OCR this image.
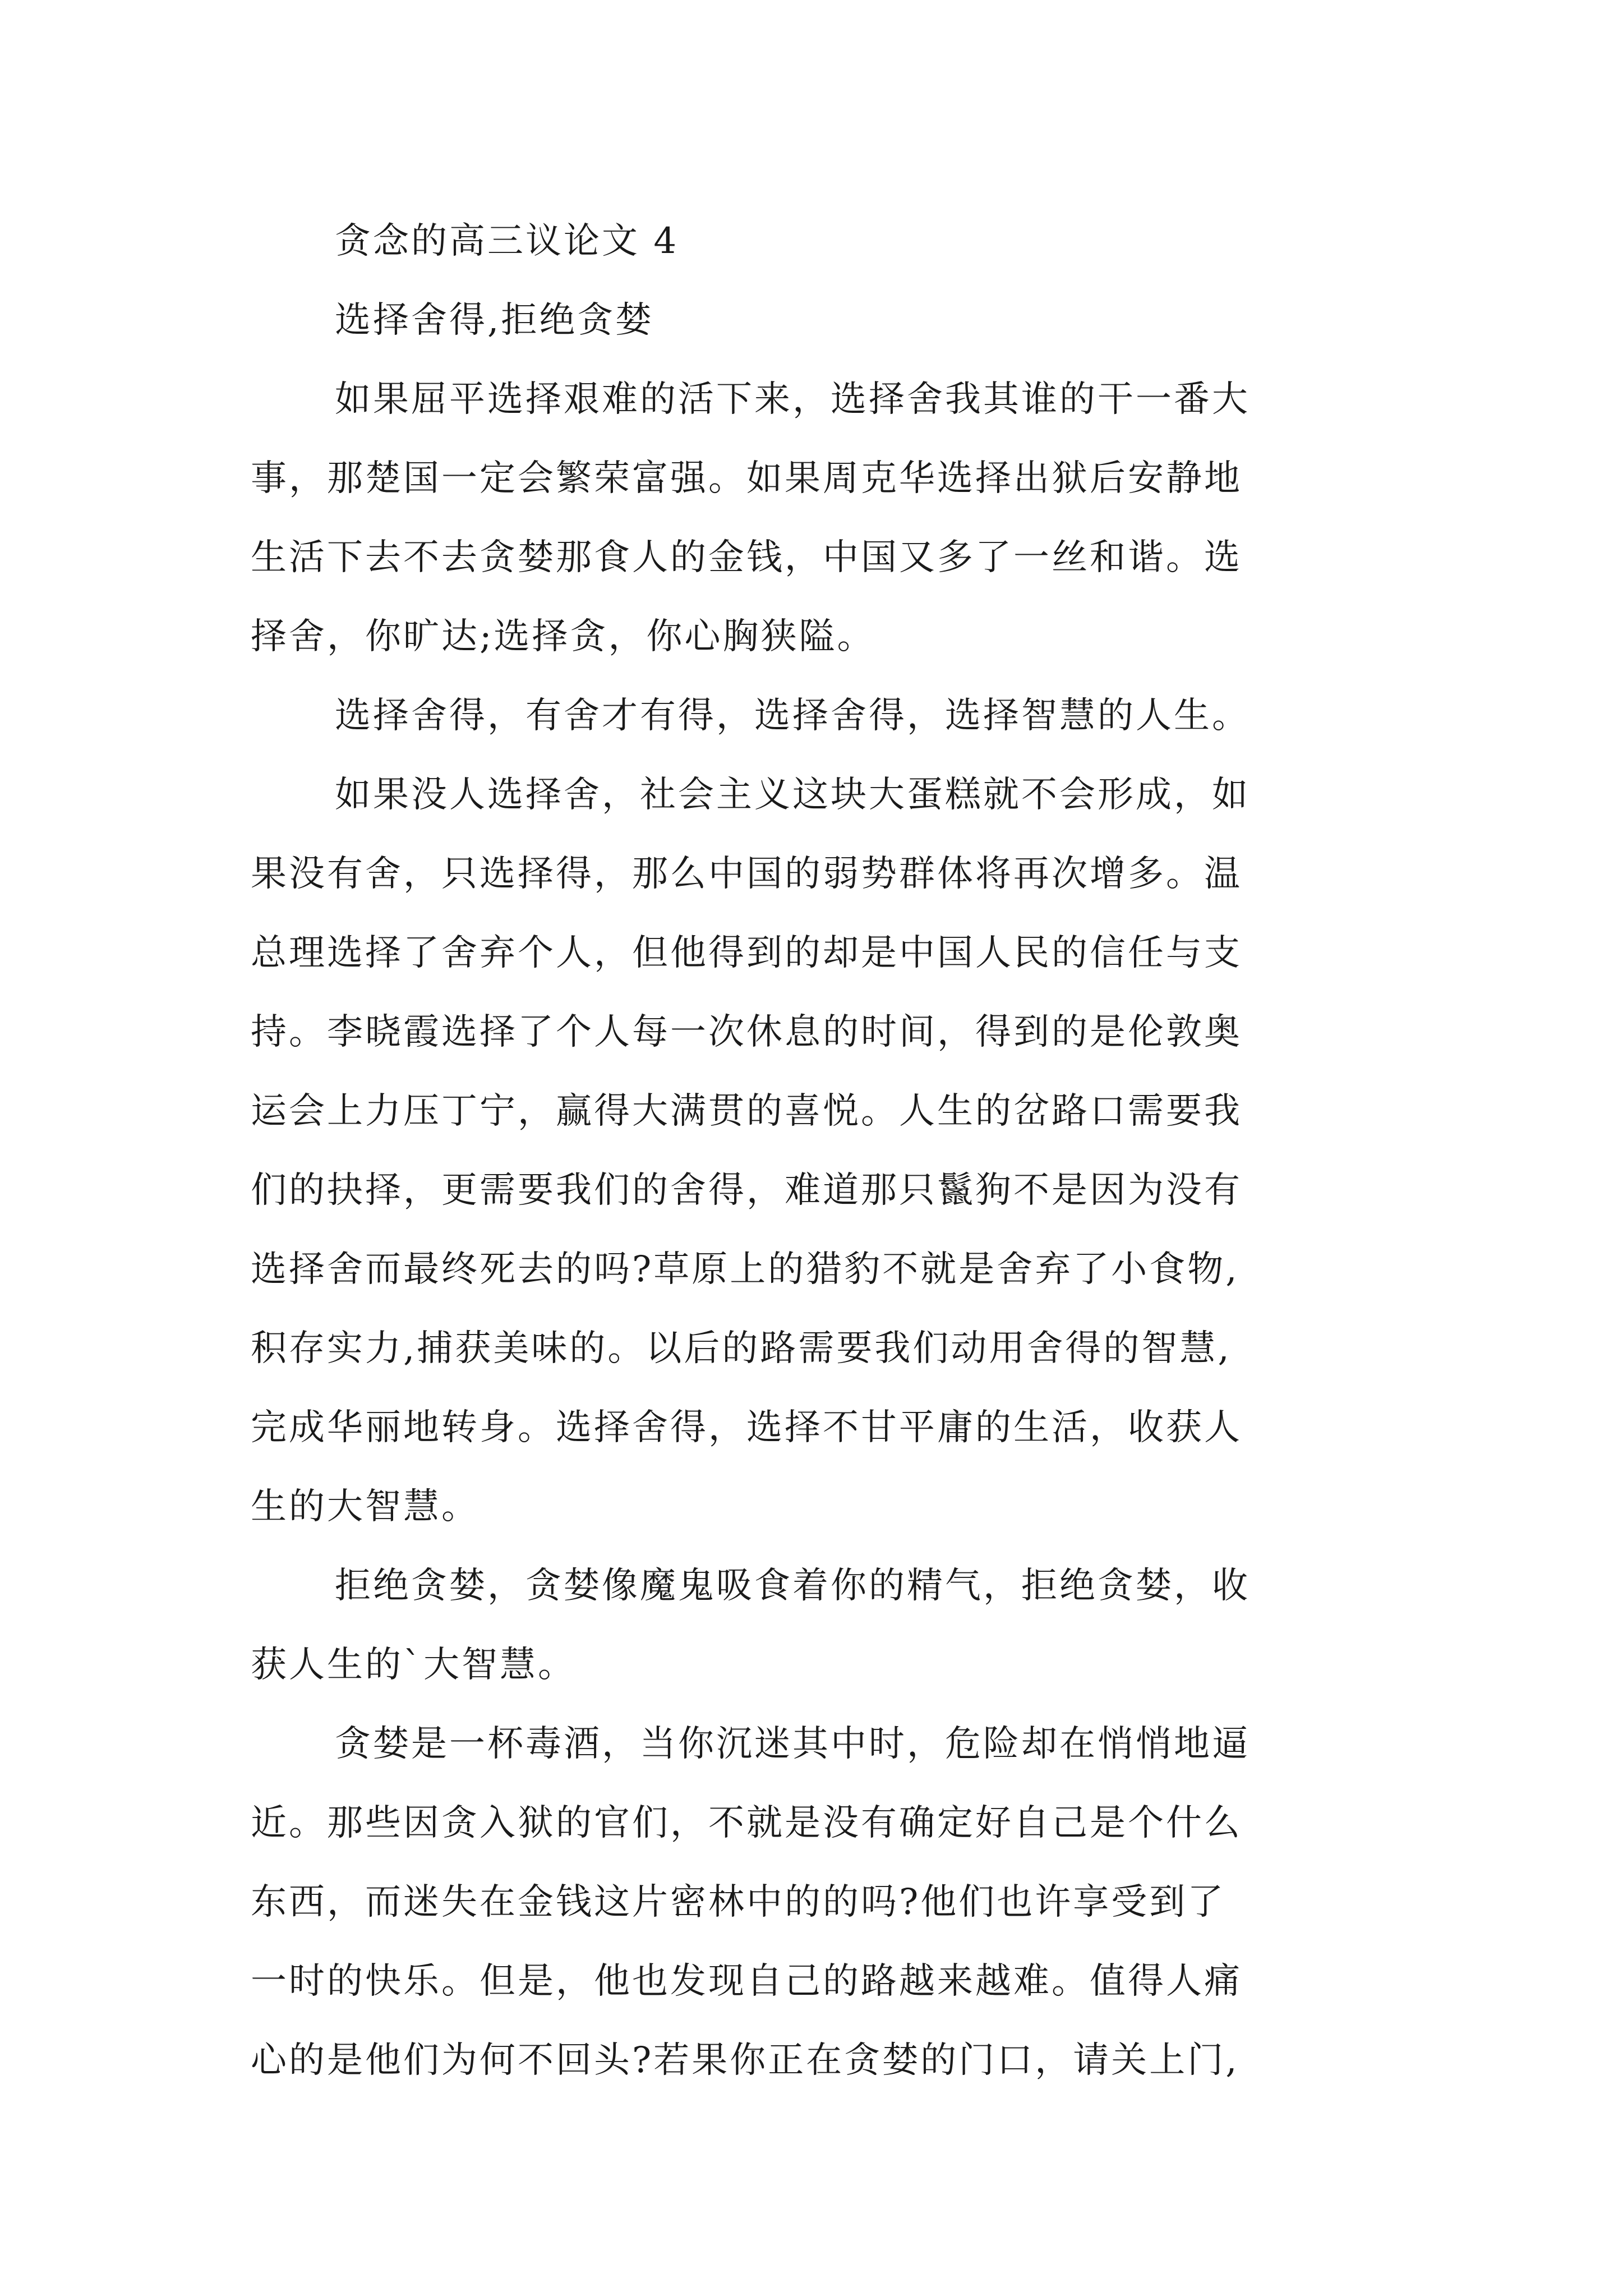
贪念的高三议论文 4
选择舍得,拒绝贪婪
如果屈平选择艰难的活下来，选择舍我其谁的干一番大
事，那楚国一定会繁荣富强。如果周克华选择出狱后安静地
生活下去不去贪婪那食人的金钱，中国又多了一丝和谐。选
择舍，你旷达;选择贪，你心胸狭隘。
选择舍得，有舍才有得，选择舍得，选择智慧的人生。
如果没人选择舍，社会主义这块大蛋糕就不会形成，如
果没有舍，只选择得，那么中国的弱势群体将再次增多。温
总理选择了舍弃个人，但他得到的却是中国人民的信任与支
持。李晓霞选择了个人每一次休息的时间，得到的是伦敦奥
运会上力压丁宁，赢得大满贯的喜悦。人生的岔路口需要我
们的抉择，更需要我们的舍得，难道那只鬣狗不是因为没有
选择舍而最终死去的吗?草原上的猎豹不就是舍弃了小食物,
积存实力,捕获美味的。以后的路需要我们动用舍得的智慧,
完成华丽地转身。选择舍得，选择不甘平庸的生活，收获人
生的大智慧。
拒绝贪婪，贪婪像魔鬼吸食着你的精气，拒绝贪婪，收
获人生的`大智慧。
贪婪是一杯毒酒，当你沉迷其中时，危险却在悄悄地逼
近。那些因贪入狱的官们，不就是没有确定好自己是个什么
东西，而迷失在金钱这片密林中的的吗?他们也许享受到了
一时的快乐。但是，他也发现自己的路越来越难。值得人痛
心的是他们为何不回头?若果你正在贪婪的门口，请关上门,
